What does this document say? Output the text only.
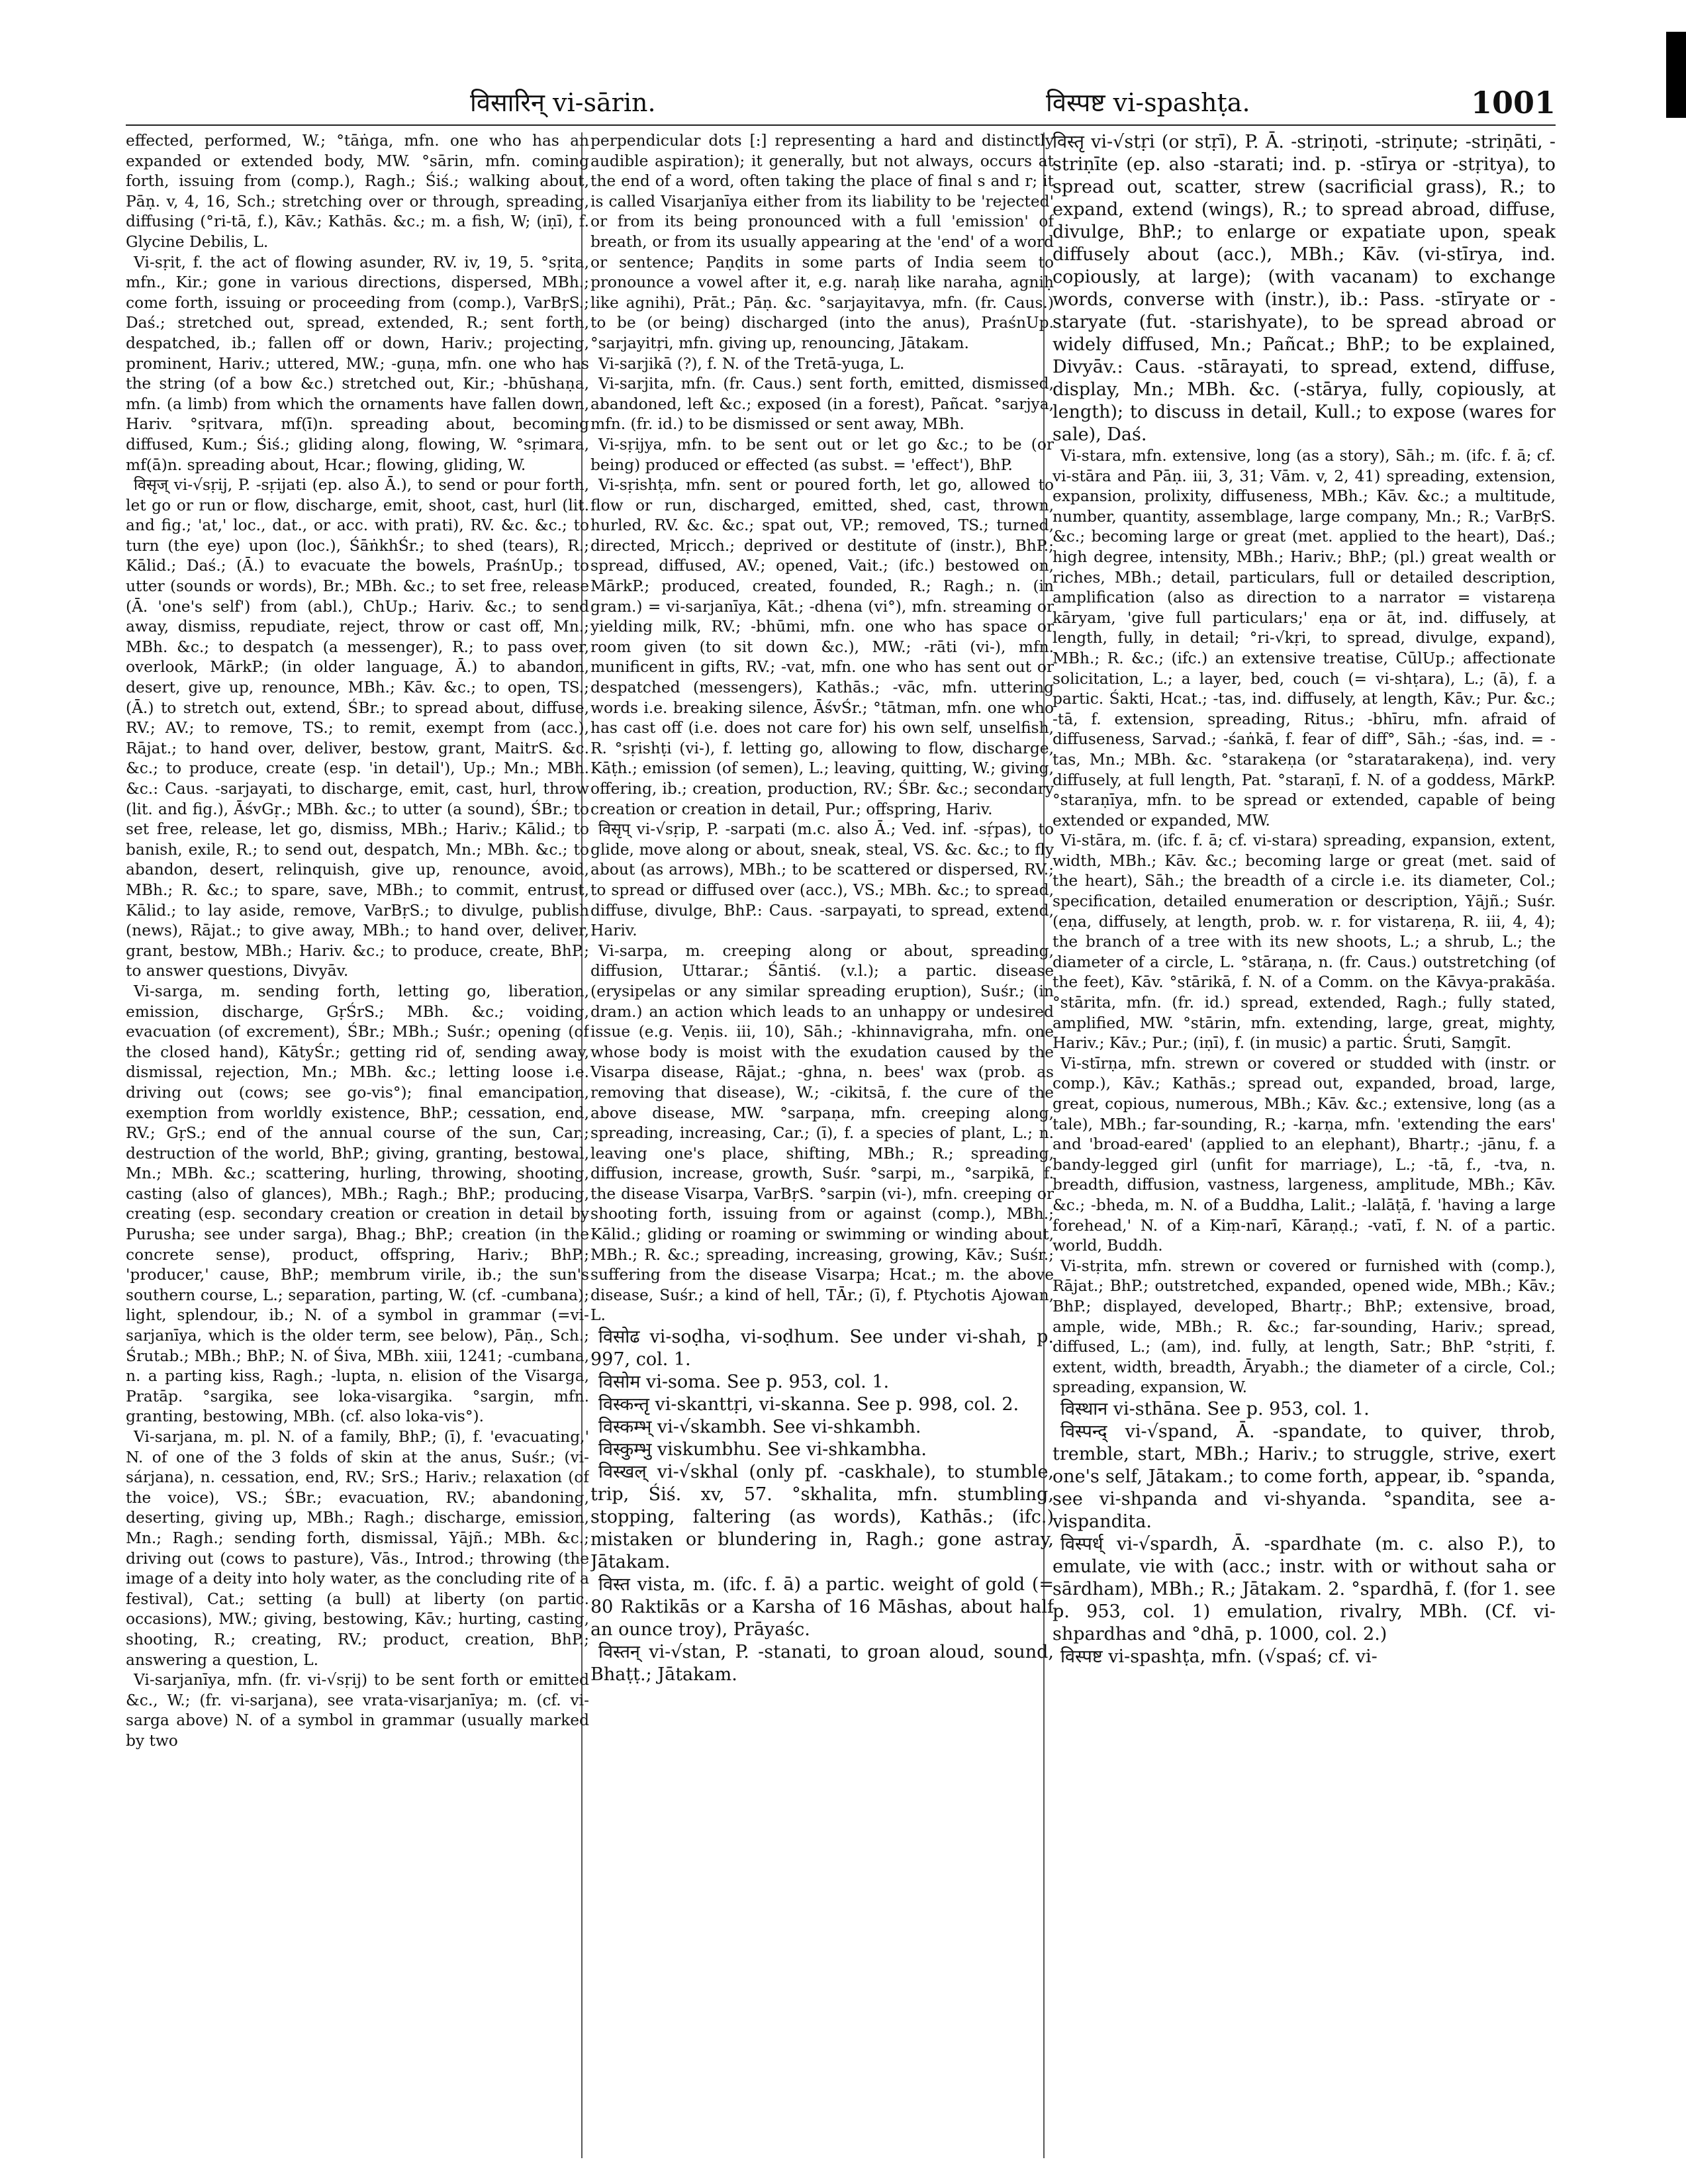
विसारिन् vi-sārin.	विस्पष्ट vi-spashṭa.	1001

effected, performed, W.; °tāṅga, mfn. one who has an expanded or extended body, MW. °sārin, mfn. coming forth, issuing from (comp.), Ragh.; Śiś.; walking about, Pāṇ. v, 4, 16, Sch.; stretching over or through, spreading, diffusing (°ri-tā, f.), Kāv.; Kathās. &c.; m. a fish, W; (iṇī), f. Glycine Debilis, L.

Vi-sṛit, f. the act of flowing asunder, RV. iv, 19, 5. °sṛita, mfn., Kir.; gone in various directions, dispersed, MBh.; come forth, issuing or proceeding from (comp.), VarBṛS.; Daś.; stretched out, spread, extended, R.; sent forth, despatched, ib.; fallen off or down, Hariv.; projecting, prominent, Hariv.; uttered, MW.; -guṇa, mfn. one who has the string (of a bow &c.) stretched out, Kir.; -bhūshaṇa, mfn. (a limb) from which the ornaments have fallen down, Hariv. °sṛitvara, mf(ī)n. spreading about, becoming diffused, Kum.; Śiś.; gliding along, flowing, W. °sṛimara, mf(ā)n. spreading about, Hcar.; flowing, gliding, W.

विसृज् vi-√sṛij, P. -sṛijati (ep. also Ā.), to send or pour forth, let go or run or flow, discharge, emit, shoot, cast, hurl (lit. and fig.; 'at,' loc., dat., or acc. with prati), RV. &c. &c.; to turn (the eye) upon (loc.), ŚāṅkhŚr.; to shed (tears), R.; Kālid.; Daś.; (Ā.) to evacuate the bowels, PraśnUp.; to utter (sounds or words), Br.; MBh. &c.; to set free, release (Ā. 'one's self') from (abl.), ChUp.; Hariv. &c.; to send away, dismiss, repudiate, reject, throw or cast off, Mn.; MBh. &c.; to despatch (a messenger), R.; to pass over, overlook, MārkP.; (in older language, Ā.) to abandon, desert, give up, renounce, MBh.; Kāv. &c.; to open, TS.; (Ā.) to stretch out, extend, ŚBr.; to spread about, diffuse, RV.; AV.; to remove, TS.; to remit, exempt from (acc.), Rājat.; to hand over, deliver, bestow, grant, MaitrS. &c. &c.; to produce, create (esp. 'in detail'), Up.; Mn.; MBh. &c.: Caus. -sarjayati, to discharge, emit, cast, hurl, throw (lit. and fig.), ĀśvGṛ.; MBh. &c.; to utter (a sound), ŚBr.; to set free, release, let go, dismiss, MBh.; Hariv.; Kālid.; to banish, exile, R.; to send out, despatch, Mn.; MBh. &c.; to abandon, desert, relinquish, give up, renounce, avoid, MBh.; R. &c.; to spare, save, MBh.; to commit, entrust, Kālid.; to lay aside, remove, VarBṛS.; to divulge, publish (news), Rājat.; to give away, MBh.; to hand over, deliver, grant, bestow, MBh.; Hariv. &c.; to produce, create, BhP.; to answer questions, Divyāv.

Vi-sarga, m. sending forth, letting go, liberation, emission, discharge, GṛŚrS.; MBh. &c.; voiding, evacuation (of excrement), ŚBr.; MBh.; Suśr.; opening (of the closed hand), KātyŚr.; getting rid of, sending away, dismissal, rejection, Mn.; MBh. &c.; letting loose i.e. driving out (cows; see go-vis°); final emancipation, exemption from worldly existence, BhP.; cessation, end, RV.; GṛS.; end of the annual course of the sun, Car.; destruction of the world, BhP.; giving, granting, bestowal, Mn.; MBh. &c.; scattering, hurling, throwing, shooting, casting (also of glances), MBh.; Ragh.; BhP.; producing, creating (esp. secondary creation or creation in detail by Purusha; see under sarga), Bhag.; BhP.; creation (in the concrete sense), product, offspring, Hariv.; BhP.; 'producer,' cause, BhP.; membrum virile, ib.; the sun's southern course, L.; separation, parting, W. (cf. -cumbana); light, splendour, ib.; N. of a symbol in grammar (=vi-sarjanīya, which is the older term, see below), Pāṇ., Sch.; Śrutab.; MBh.; BhP.; N. of Śiva, MBh. xiii, 1241; -cumbana, n. a parting kiss, Ragh.; -lupta, n. elision of the Visarga, Pratāp. °sargika, see loka-visargika. °sargin, mfn. granting, bestowing, MBh. (cf. also loka-vis°).

Vi-sarjana, m. pl. N. of a family, BhP.; (ī), f. 'evacuating,' N. of one of the 3 folds of skin at the anus, Suśr.; (vi-sárjana), n. cessation, end, RV.; SrS.; Hariv.; relaxation (of the voice), VS.; ŚBr.; evacuation, RV.; abandoning, deserting, giving up, MBh.; Ragh.; discharge, emission, Mn.; Ragh.; sending forth, dismissal, Yājñ.; MBh. &c.; driving out (cows to pasture), Vās., Introd.; throwing (the image of a deity into holy water, as the concluding rite of a festival), Cat.; setting (a bull) at liberty (on partic. occasions), MW.; giving, bestowing, Kāv.; hurting, casting, shooting, R.; creating, RV.; product, creation, BhP.; answering a question, L.

Vi-sarjanīya, mfn. (fr. vi-√sṛij) to be sent forth or emitted &c., W.; (fr. vi-sarjana), see vrata-visarjanīya; m. (cf. vi-sarga above) N. of a symbol in grammar (usually marked by two

perpendicular dots [:] representing a hard and distinctly audible aspiration); it generally, but not always, occurs at the end of a word, often taking the place of final s and r; it is called Visarjanīya either from its liability to be 'rejected' or from its being pronounced with a full 'emission' of breath, or from its usually appearing at the 'end' of a word or sentence; Paṇḍits in some parts of India seem to pronounce a vowel after it, e.g. naraḥ like naraha, agniḥ like agnihi), Prāt.; Pāṇ. &c. °sarjayitavya, mfn. (fr. Caus.) to be (or being) discharged (into the anus), PraśnUp. °sarjayitṛi, mfn. giving up, renouncing, Jātakam.

Vi-sarjikā (?), f. N. of the Tretā-yuga, L.

Vi-sarjita, mfn. (fr. Caus.) sent forth, emitted, dismissed, abandoned, left &c.; exposed (in a forest), Pañcat. °sarjya, mfn. (fr. id.) to be dismissed or sent away, MBh.

Vi-sṛijya, mfn. to be sent out or let go &c.; to be (or being) produced or effected (as subst. = 'effect'), BhP.

Vi-sṛishṭa, mfn. sent or poured forth, let go, allowed to flow or run, discharged, emitted, shed, cast, thrown, hurled, RV. &c. &c.; spat out, VP.; removed, TS.; turned, directed, Mṛicch.; deprived or destitute of (instr.), BhP.; spread, diffused, AV.; opened, Vait.; (ifc.) bestowed on, MārkP.; produced, created, founded, R.; Ragh.; n. (in gram.) = vi-sarjanīya, Kāt.; -dhena (vi°), mfn. streaming or yielding milk, RV.; -bhūmi, mfn. one who has space or room given (to sit down &c.), MW.; -rāti (vi-), mfn. munificent in gifts, RV.; -vat, mfn. one who has sent out or despatched (messengers), Kathās.; -vāc, mfn. uttering words i.e. breaking silence, ĀśvŚr.; °tātman, mfn. one who has cast off (i.e. does not care for) his own self, unselfish, R. °sṛishṭi (vi-), f. letting go, allowing to flow, discharge, Kāṭh.; emission (of semen), L.; leaving, quitting, W.; giving, offering, ib.; creation, production, RV.; ŚBr. &c.; secondary creation or creation in detail, Pur.; offspring, Hariv.

विसृप् vi-√sṛip, P. -sarpati (m.c. also Ā.; Ved. inf. -sṛ́pas), to glide, move along or about, sneak, steal, VS. &c. &c.; to fly about (as arrows), MBh.; to be scattered or dispersed, RV.; to spread or diffused over (acc.), VS.; MBh. &c.; to spread, diffuse, divulge, BhP.: Caus. -sarpayati, to spread, extend, Hariv.

Vi-sarpa, m. creeping along or about, spreading, diffusion, Uttarar.; Śāntiś. (v.l.); a partic. disease (erysipelas or any similar spreading eruption), Suśr.; (in dram.) an action which leads to an unhappy or undesired issue (e.g. Veṇis. iii, 10), Sāh.; -khinnavigraha, mfn. one whose body is moist with the exudation caused by the Visarpa disease, Rājat.; -ghna, n. bees' wax (prob. as removing that disease), W.; -cikitsā, f. the cure of the above disease, MW. °sarpaṇa, mfn. creeping along, spreading, increasing, Car.; (ī), f. a species of plant, L.; n. leaving one's place, shifting, MBh.; R.; spreading, diffusion, increase, growth, Suśr. °sarpi, m., °sarpikā, f. the disease Visarpa, VarBṛS. °sarpin (vi-), mfn. creeping or shooting forth, issuing from or against (comp.), MBh.; Kālid.; gliding or roaming or swimming or winding about, MBh.; R. &c.; spreading, increasing, growing, Kāv.; Suśr.; suffering from the disease Visarpa; Hcat.; m. the above disease, Suśr.; a kind of hell, TĀr.; (ī), f. Ptychotis Ajowan, L.

विसोढ vi-soḍha, vi-soḍhum. See under vi-shah, p. 997, col. 1.

विसोम vi-soma. See p. 953, col. 1.

विस्कन्तृ vi-skanttṛi, vi-skanna. See p. 998, col. 2.

विस्कम्भ् vi-√skambh. See vi-shkambh.

विस्कुम्भु viskumbhu. See vi-shkambha.

विस्खल् vi-√skhal (only pf. -caskhale), to stumble, trip, Śiś. xv, 57. °skhalita, mfn. stumbling, stopping, faltering (as words), Kathās.; (ifc.) mistaken or blundering in, Ragh.; gone astray, Jātakam.

विस्त vista, m. (ifc. f. ā) a partic. weight of gold (= 80 Raktikās or a Karsha of 16 Māshas, about half an ounce troy), Prāyaśc.

विस्तन् vi-√stan, P. -stanati, to groan aloud, sound, Bhaṭṭ.; Jātakam.

विस्तृ vi-√stṛi (or stṛī), P. Ā. -striṇoti, -striṇute; -striṇāti, -striṇīte (ep. also -starati; ind. p. -stīrya or -stṛitya), to spread out, scatter, strew (sacrificial grass), R.; to expand, extend (wings), R.; to spread abroad, diffuse, divulge, BhP.; to enlarge or expatiate upon, speak diffusely about (acc.), MBh.; Kāv. (vi-stīrya, ind. copiously, at large); (with vacanam) to exchange words, converse with (instr.), ib.: Pass. -stīryate or -staryate (fut. -starishyate), to be spread abroad or widely diffused, Mn.; Pañcat.; BhP.; to be explained, Divyāv.: Caus. -stārayati, to spread, extend, diffuse, display, Mn.; MBh. &c. (-stārya, fully, copiously, at length); to discuss in detail, Kull.; to expose (wares for sale), Daś.

Vi-stara, mfn. extensive, long (as a story), Sāh.; m. (ifc. f. ā; cf. vi-stāra and Pāṇ. iii, 3, 31; Vām. v, 2, 41) spreading, extension, expansion, prolixity, diffuseness, MBh.; Kāv. &c.; a multitude, number, quantity, assemblage, large company, Mn.; R.; VarBṛS. &c.; becoming large or great (met. applied to the heart), Daś.; high degree, intensity, MBh.; Hariv.; BhP.; (pl.) great wealth or riches, MBh.; detail, particulars, full or detailed description, amplification (also as direction to a narrator = vistareṇa kāryam, 'give full particulars;' eṇa or āt, ind. diffusely, at length, fully, in detail; °ri-√kṛi, to spread, divulge, expand), MBh.; R. &c.; (ifc.) an extensive treatise, CūlUp.; affectionate solicitation, L.; a layer, bed, couch (= vi-shṭara), L.; (ā), f. a partic. Śakti, Hcat.; -tas, ind. diffusely, at length, Kāv.; Pur. &c.; -tā, f. extension, spreading, Ritus.; -bhīru, mfn. afraid of diffuseness, Sarvad.; -śaṅkā, f. fear of diff°, Sāh.; -śas, ind. = -tas, Mn.; MBh. &c. °starakeṇa (or °staratarakeṇa), ind. very diffusely, at full length, Pat. °staraṇī, f. N. of a goddess, MārkP. °staraṇīya, mfn. to be spread or extended, capable of being extended or expanded, MW.

Vi-stāra, m. (ifc. f. ā; cf. vi-stara) spreading, expansion, extent, width, MBh.; Kāv. &c.; becoming large or great (met. said of the heart), Sāh.; the breadth of a circle i.e. its diameter, Col.; specification, detailed enumeration or description, Yājñ.; Suśr. (eṇa, diffusely, at length, prob. w. r. for vistareṇa, R. iii, 4, 4); the branch of a tree with its new shoots, L.; a shrub, L.; the diameter of a circle, L. °stāraṇa, n. (fr. Caus.) outstretching (of the feet), Kāv. °stārikā, f. N. of a Comm. on the Kāvya-prakāśa. °stārita, mfn. (fr. id.) spread, extended, Ragh.; fully stated, amplified, MW. °stārin, mfn. extending, large, great, mighty, Hariv.; Kāv.; Pur.; (iṇī), f. (in music) a partic. Śruti, Saṃgīt.

Vi-stīrṇa, mfn. strewn or covered or studded with (instr. or comp.), Kāv.; Kathās.; spread out, expanded, broad, large, great, copious, numerous, MBh.; Kāv. &c.; extensive, long (as a tale), MBh.; far-sounding, R.; -karṇa, mfn. 'extending the ears' and 'broad-eared' (applied to an elephant), Bhartṛ.; -jānu, f. a bandy-legged girl (unfit for marriage), L.; -tā, f., -tva, n. breadth, diffusion, vastness, largeness, amplitude, MBh.; Kāv. &c.; -bheda, m. N. of a Buddha, Lalit.; -lalāṭā, f. 'having a large forehead,' N. of a Kiṃ-narī, Kāraṇḍ.; -vatī, f. N. of a partic. world, Buddh.

Vi-stṛita, mfn. strewn or covered or furnished with (comp.), Rājat.; BhP.; outstretched, expanded, opened wide, MBh.; Kāv.; BhP.; displayed, developed, Bhartṛ.; BhP.; extensive, broad, ample, wide, MBh.; R. &c.; far-sounding, Hariv.; spread, diffused, L.; (am), ind. fully, at length, Satr.; BhP. °stṛiti, f. extent, width, breadth, Āryabh.; the diameter of a circle, Col.; spreading, expansion, W.

विस्थान vi-sthāna. See p. 953, col. 1.

विस्पन्द् vi-√spand, Ā. -spandate, to quiver, throb, tremble, start, MBh.; Hariv.; to struggle, strive, exert one's self, Jātakam.; to come forth, appear, ib. °spanda, see vi-shpanda and vi-shyanda. °spandita, see a-vispandita.

विस्पर्ध् vi-√spardh, Ā. -spardhate (m. c. also P.), to emulate, vie with (acc.; instr. with or without saha or sārdham), MBh.; R.; Jātakam. 2. °spardhā, f. (for 1. see p. 953, col. 1) emulation, rivalry, MBh. (Cf. vi-shpardhas and °dhā, p. 1000, col. 2.)

विस्पष्ट vi-spashṭa, mfn. (√spaś; cf. vi-
